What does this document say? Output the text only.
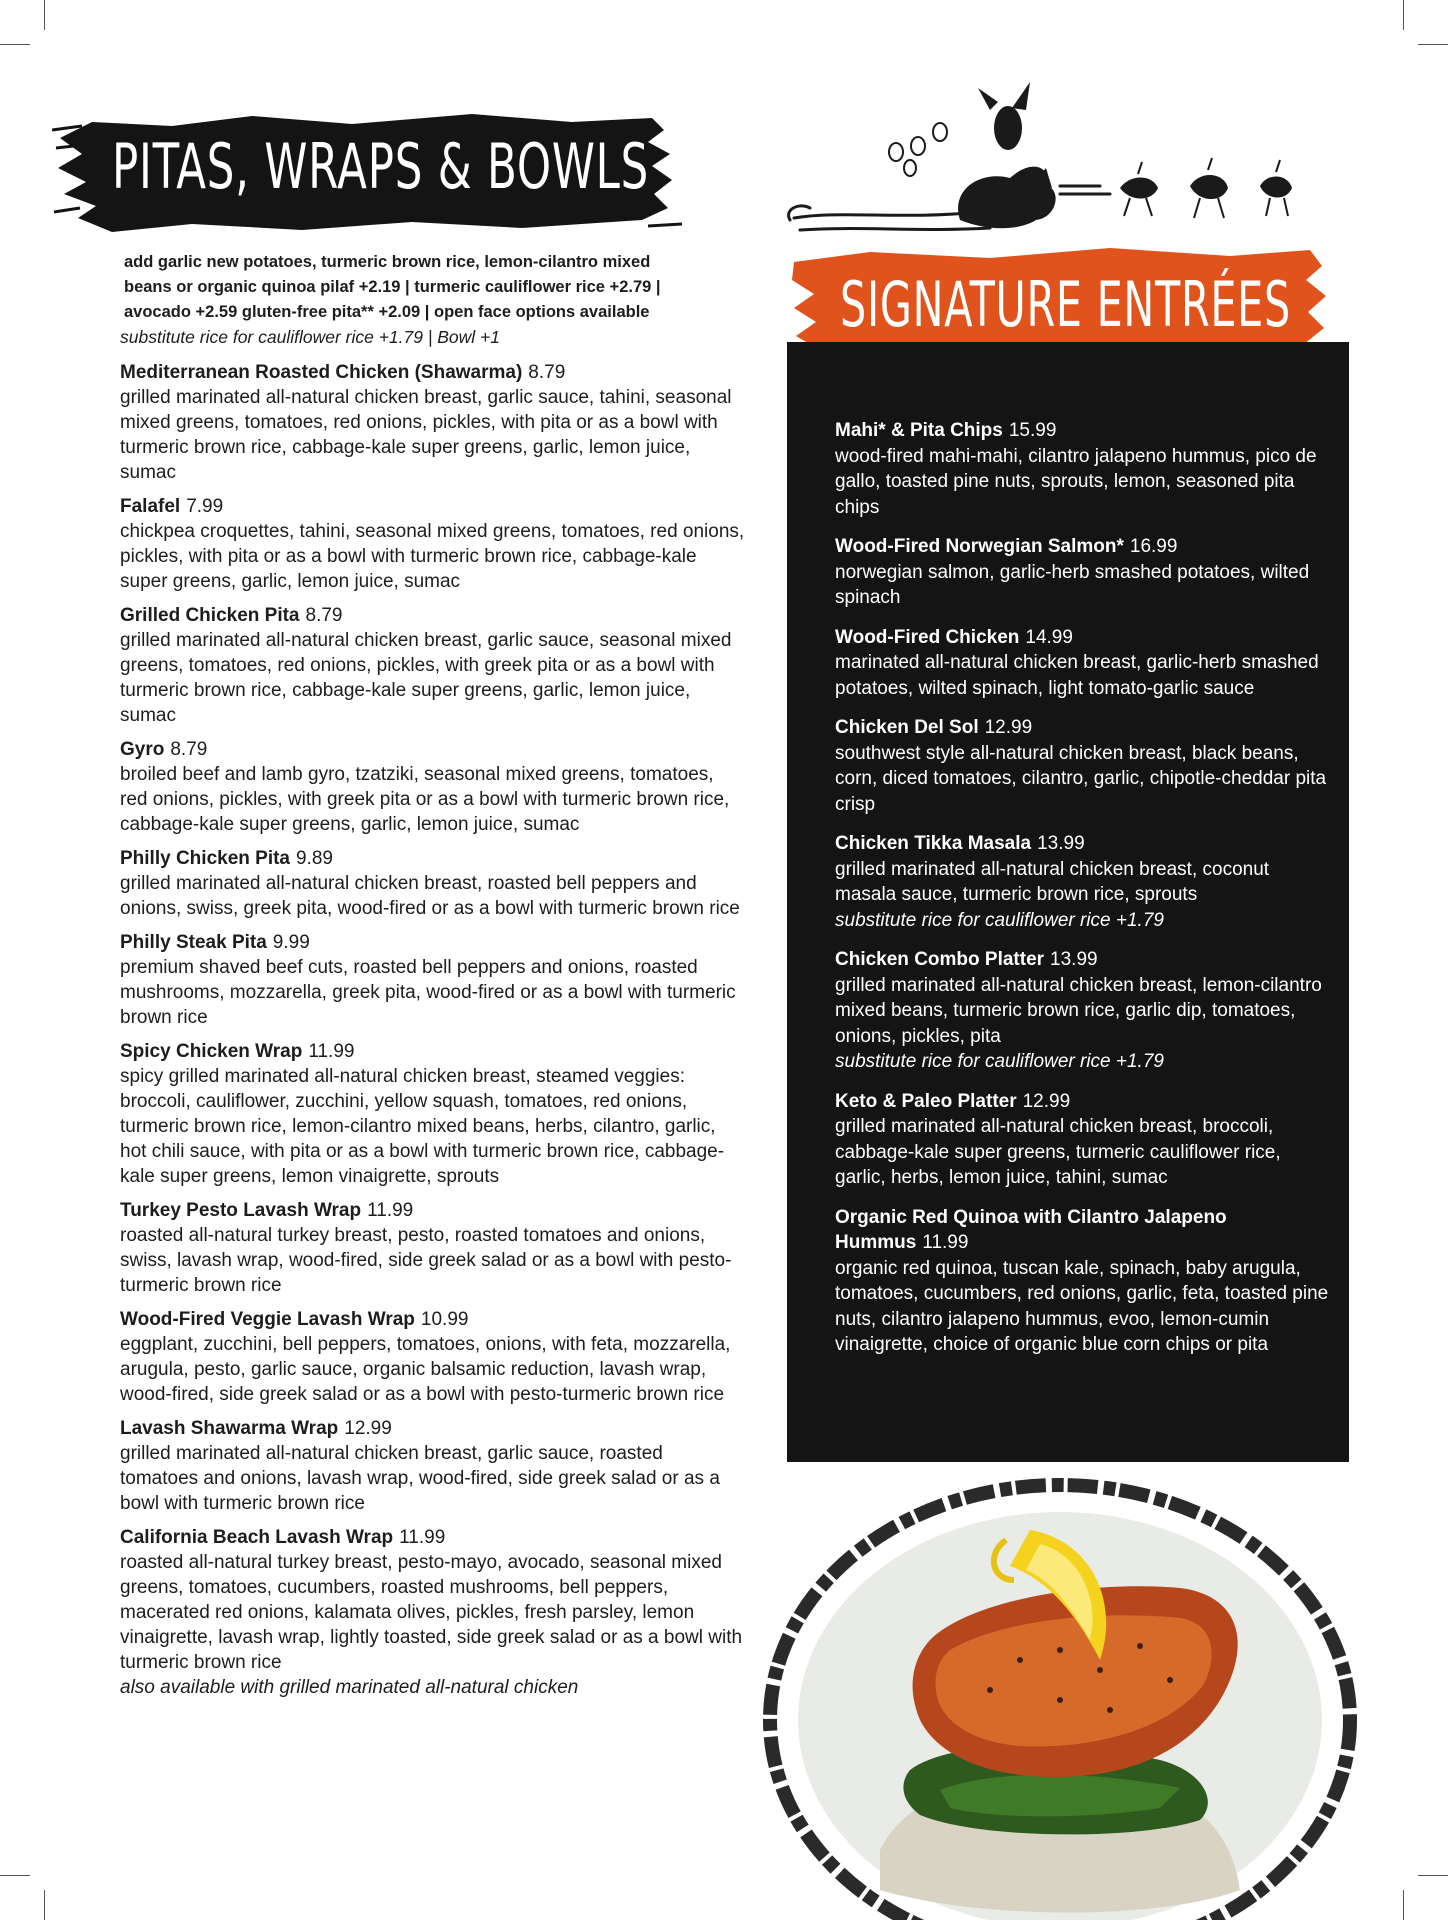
PITAS, WRAPS & BOWLS
add garlic new potatoes, turmeric brown rice, lemon-cilantro mixed
beans or organic quinoa pilaf +2.19 | turmeric cauliflower rice +2.79 |
avocado +2.59 gluten-free pita** +2.09 | open face options available
substitute rice for cauliflower rice +1.79 | Bowl +1
Mediterranean Roasted Chicken (Shawarma) 8.79
grilled marinated all-natural chicken breast, garlic sauce, tahini, seasonal mixed greens, tomatoes, red onions, pickles, with pita or as a bowl with turmeric brown rice, cabbage-kale super greens, garlic, lemon juice, sumac
Falafel 7.99
chickpea croquettes, tahini, seasonal mixed greens, tomatoes, red onions, pickles, with pita or as a bowl with turmeric brown rice, cabbage-kale super greens, garlic, lemon juice, sumac
Grilled Chicken Pita 8.79
grilled marinated all-natural chicken breast, garlic sauce, seasonal mixed greens, tomatoes, red onions, pickles, with greek pita or as a bowl with turmeric brown rice, cabbage-kale super greens, garlic, lemon juice, sumac
Gyro 8.79
broiled beef and lamb gyro, tzatziki, seasonal mixed greens, tomatoes, red onions, pickles, with greek pita or as a bowl with turmeric brown rice, cabbage-kale super greens, garlic, lemon juice, sumac
Philly Chicken Pita 9.89
grilled marinated all-natural chicken breast, roasted bell peppers and onions, swiss, greek pita, wood-fired or as a bowl with turmeric brown rice
Philly Steak Pita 9.99
premium shaved beef cuts, roasted bell peppers and onions, roasted mushrooms, mozzarella, greek pita, wood-fired or as a bowl with turmeric brown rice
Spicy Chicken Wrap 11.99
spicy grilled marinated all-natural chicken breast, steamed veggies: broccoli, cauliflower, zucchini, yellow squash, tomatoes, red onions, turmeric brown rice, lemon-cilantro mixed beans, herbs, cilantro, garlic, hot chili sauce, with pita or as a bowl with turmeric brown rice, cabbage-kale super greens, lemon vinaigrette, sprouts
Turkey Pesto Lavash Wrap 11.99
roasted all-natural turkey breast, pesto, roasted tomatoes and onions, swiss, lavash wrap, wood-fired, side greek salad or as a bowl with pesto-turmeric brown rice
Wood-Fired Veggie Lavash Wrap 10.99
eggplant, zucchini, bell peppers, tomatoes, onions, with feta, mozzarella, arugula, pesto, garlic sauce, organic balsamic reduction, lavash wrap, wood-fired, side greek salad or as a bowl with pesto-turmeric brown rice
Lavash Shawarma Wrap 12.99
grilled marinated all-natural chicken breast, garlic sauce, roasted tomatoes and onions, lavash wrap, wood-fired, side greek salad or as a bowl with turmeric brown rice
California Beach Lavash Wrap 11.99
roasted all-natural turkey breast, pesto-mayo, avocado, seasonal mixed greens, tomatoes, cucumbers, roasted mushrooms, bell peppers, macerated red onions, kalamata olives, pickles, fresh parsley, lemon vinaigrette, lavash wrap, lightly toasted, side greek salad or as a bowl with turmeric brown rice
also available with grilled marinated all-natural chicken
SIGNATURE ENTRÉES
Mahi* & Pita Chips 15.99
wood-fired mahi-mahi, cilantro jalapeno hummus, pico de gallo, toasted pine nuts, sprouts, lemon, seasoned pita chips
Wood-Fired Norwegian Salmon* 16.99
norwegian salmon, garlic-herb smashed potatoes, wilted spinach
Wood-Fired Chicken 14.99
marinated all-natural chicken breast, garlic-herb smashed potatoes, wilted spinach, light tomato-garlic sauce
Chicken Del Sol 12.99
southwest style all-natural chicken breast, black beans, corn, diced tomatoes, cilantro, garlic, chipotle-cheddar pita crisp
Chicken Tikka Masala 13.99
grilled marinated all-natural chicken breast, coconut masala sauce, turmeric brown rice, sprouts
substitute rice for cauliflower rice +1.79
Chicken Combo Platter 13.99
grilled marinated all-natural chicken breast, lemon-cilantro mixed beans, turmeric brown rice, garlic dip, tomatoes, onions, pickles, pita
substitute rice for cauliflower rice +1.79
Keto & Paleo Platter 12.99
grilled marinated all-natural chicken breast, broccoli, cabbage-kale super greens, turmeric cauliflower rice, garlic, herbs, lemon juice, tahini, sumac
Organic Red Quinoa with Cilantro Jalapeno Hummus 11.99
organic red quinoa, tuscan kale, spinach, baby arugula, tomatoes, cucumbers, red onions, garlic, feta, toasted pine nuts, cilantro jalapeno hummus, evoo, lemon-cumin vinaigrette, choice of organic blue corn chips or pita
